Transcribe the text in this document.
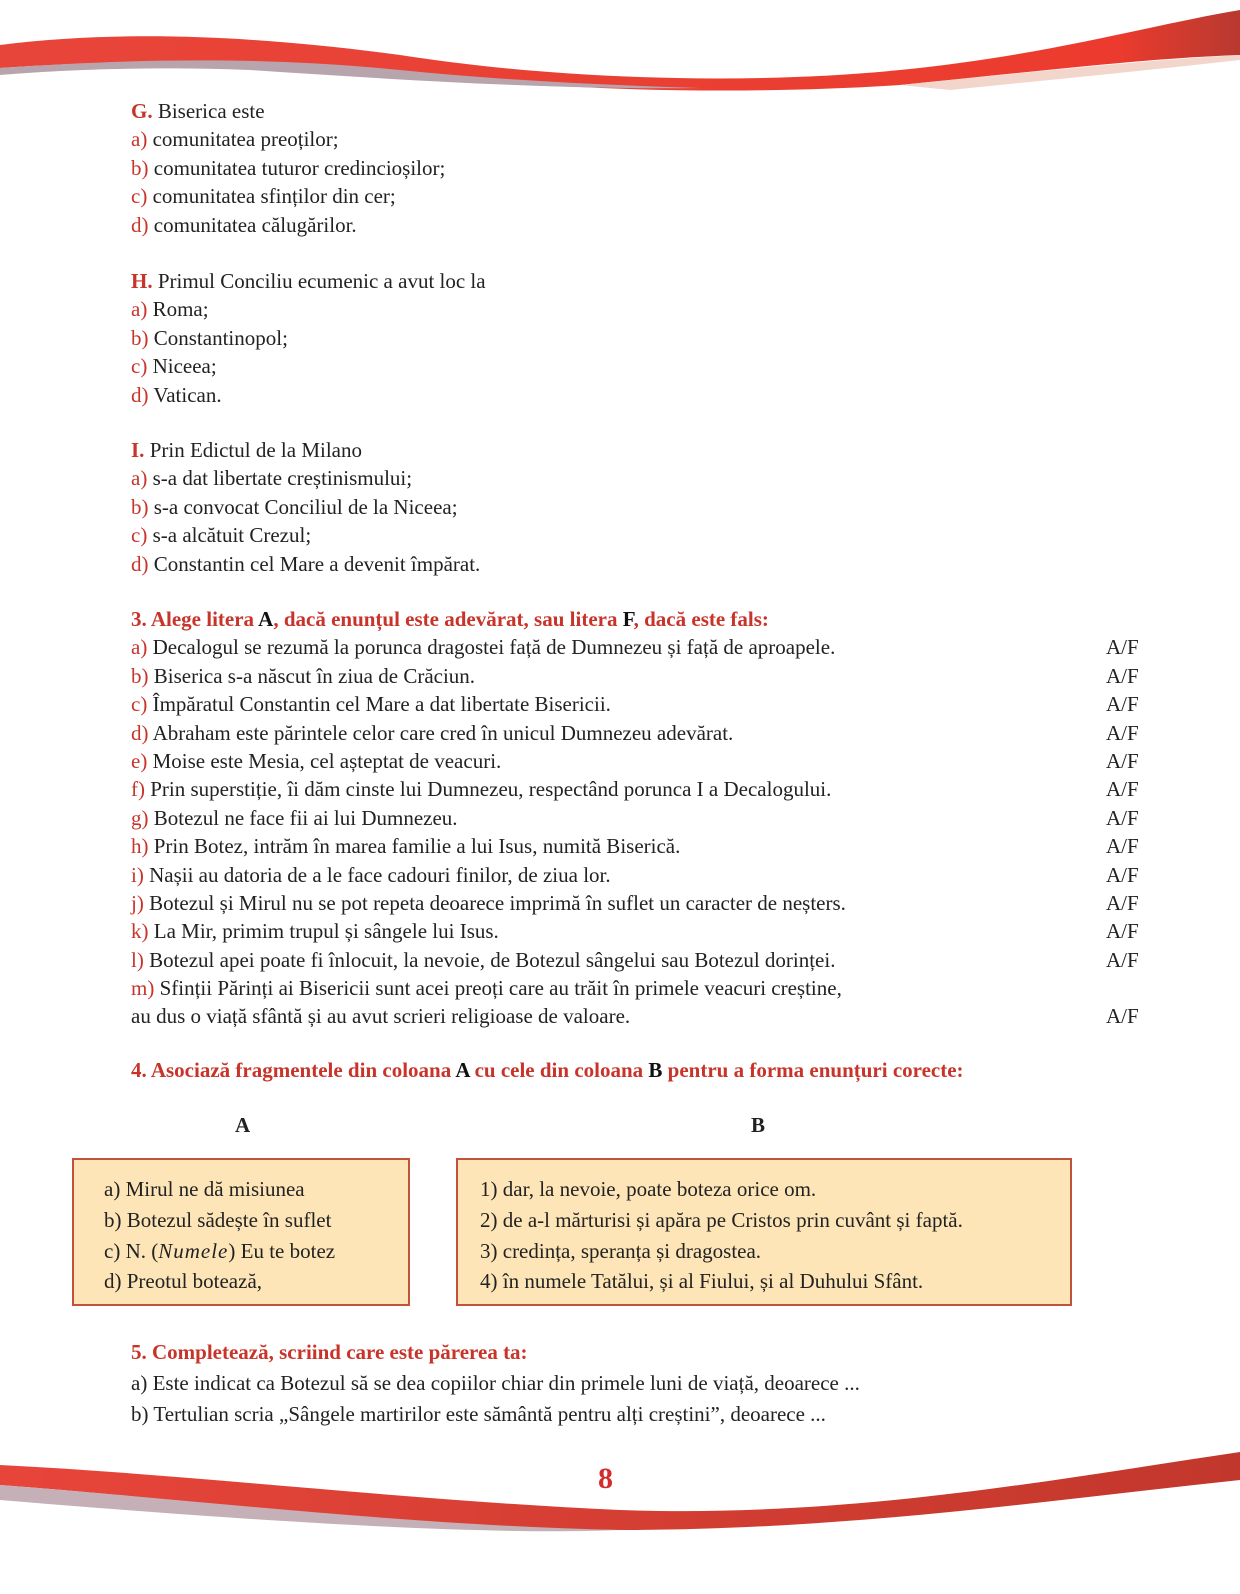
G. Biserica este
a) comunitatea preoților;
b) comunitatea tuturor credincioșilor;
c) comunitatea sfinților din cer;
d) comunitatea călugărilor.
H. Primul Conciliu ecumenic a avut loc la
a) Roma;
b) Constantinopol;
c) Niceea;
d) Vatican.
I. Prin Edictul de la Milano
a) s-a dat libertate creștinismului;
b) s-a convocat Conciliul de la Niceea;
c) s-a alcătuit Crezul;
d) Constantin cel Mare a devenit împărat.
3. Alege litera A, dacă enunțul este adevărat, sau litera F, dacă este fals:
a) Decalogul se rezumă la porunca dragostei față de Dumnezeu și față de aproapele.	A/F
b) Biserica s-a născut în ziua de Crăciun.	A/F
c) Împăratul Constantin cel Mare a dat libertate Bisericii.	A/F
d) Abraham este părintele celor care cred în unicul Dumnezeu adevărat.	A/F
e) Moise este Mesia, cel așteptat de veacuri.	A/F
f) Prin superstiție, îi dăm cinste lui Dumnezeu, respectând porunca I a Decalogului.	A/F
g) Botezul ne face fii ai lui Dumnezeu.	A/F
h) Prin Botez, intrăm în marea familie a lui Isus, numită Biserică.	A/F
i) Nașii au datoria de a le face cadouri finilor, de ziua lor.	A/F
j) Botezul și Mirul nu se pot repeta deoarece imprimă în suflet un caracter de neșters.	A/F
k) La Mir, primim trupul și sângele lui Isus.	A/F
l) Botezul apei poate fi înlocuit, la nevoie, de Botezul sângelui sau Botezul dorinței.	A/F
m) Sfinții Părinți ai Bisericii sunt acei preoți care au trăit în primele veacuri creștine,
au dus o viață sfântă și au avut scrieri religioase de valoare.	A/F
4. Asociază fragmentele din coloana A cu cele din coloana B pentru a forma enunțuri corecte:
A	B
a) Mirul ne dă misiunea
b) Botezul sădește în suflet
c) N. (Numele) Eu te botez
d) Preotul botează,
1) dar, la nevoie, poate boteza orice om.
2) de a-l mărturisi și apăra pe Cristos prin cuvânt și faptă.
3) credința, speranța și dragostea.
4) în numele Tatălui, și al Fiului, și al Duhului Sfânt.
5. Completează, scriind care este părerea ta:
a) Este indicat ca Botezul să se dea copiilor chiar din primele luni de viață, deoarece ...
b) Tertulian scria „Sângele martirilor este sământă pentru alți creștini”, deoarece ...
8
